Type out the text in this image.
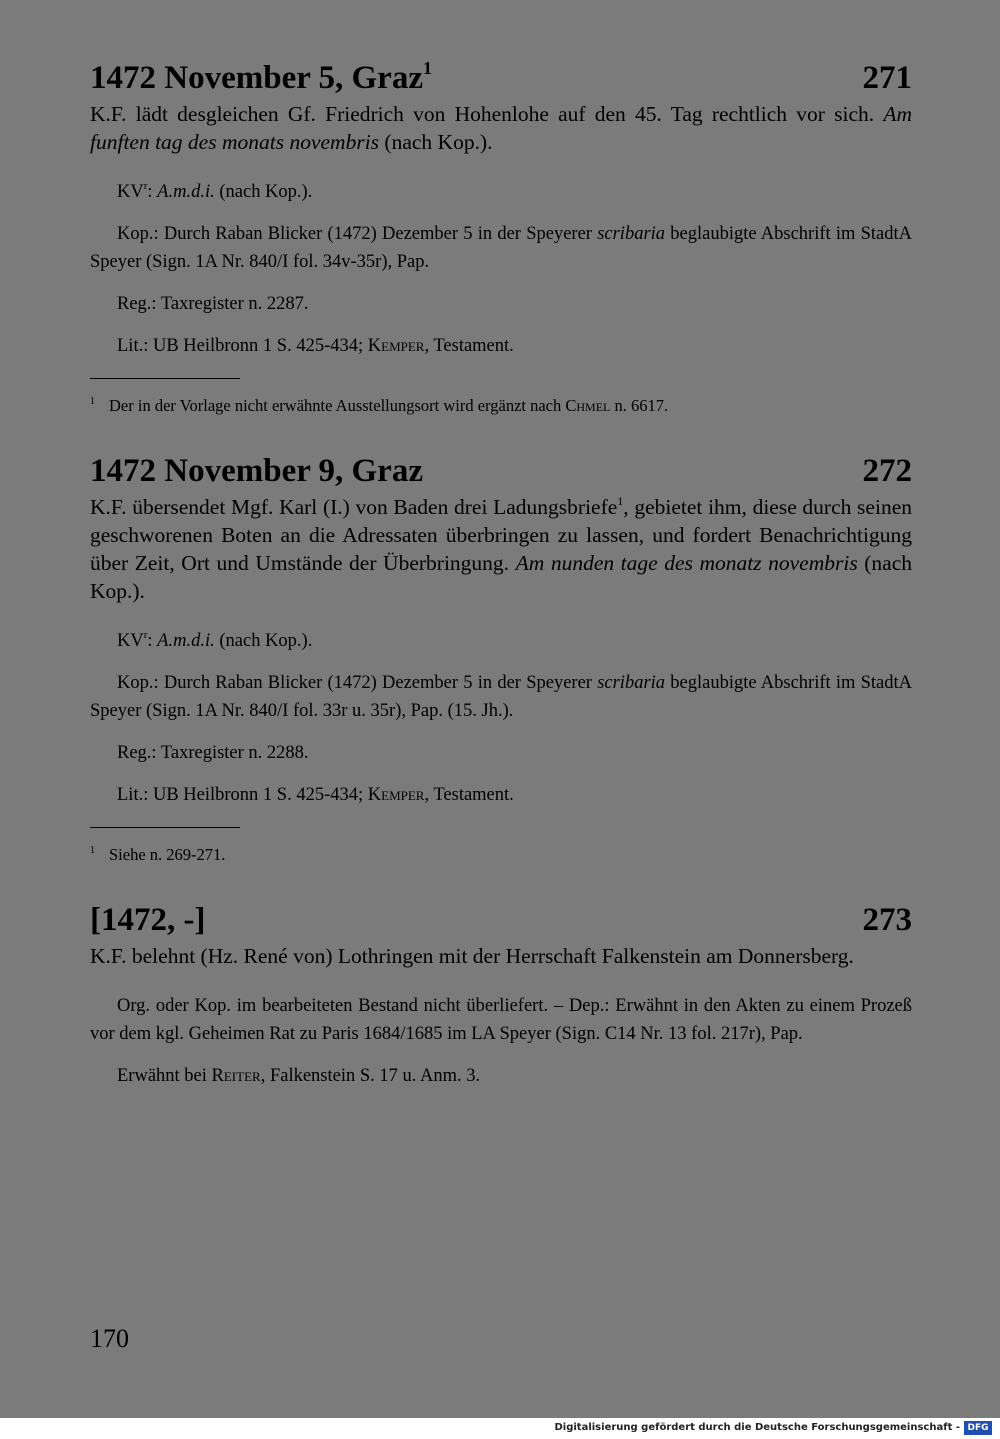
1472 November 5, Graz$^1$	271
K.F. lädt desgleichen Gf. Friedrich von Hohenlohe auf den 45. Tag rechtlich vor sich. Am funften tag des monats novembris (nach Kop.).

$KV^r$: A.m.d.i. (nach Kop.).

Kop.: Durch Raban Blicker (1472) Dezember 5 in der Speyerer scribaria beglaubigte Abschrift im StadtA Speyer (Sign. 1A Nr. 840/I fol. 34v-35r), Pap.

Reg.: Taxregister n. 2287.

Lit.: UB Heilbronn 1 S. 425-434; Kemper, Testament.

$^1$ Der in der Vorlage nicht erwähnte Ausstellungsort wird ergänzt nach Chmel n. 6617.
1472 November 9, Graz	272
K.F. übersendet Mgf. Karl (I.) von Baden drei Ladungsbriefe$^1$, gebietet ihm, diese durch seinen geschworenen Boten an die Adressaten überbringen zu lassen, und fordert Benachrichtigung über Zeit, Ort und Umstände der Überbringung. Am nunden tage des monatz novembris (nach Kop.).

$KV^r$: A.m.d.i. (nach Kop.).

Kop.: Durch Raban Blicker (1472) Dezember 5 in der Speyerer scribaria beglaubigte Abschrift im StadtA Speyer (Sign. 1A Nr. 840/I fol. 33r u. 35r), Pap. (15. Jh.).

Reg.: Taxregister n. 2288.

Lit.: UB Heilbronn 1 S. 425-434; Kemper, Testament.

$^1$ Siehe n. 269-271.
[1472, -]	273
K.F. belehnt (Hz. René von) Lothringen mit der Herrschaft Falkenstein am Donnersberg.

Org. oder Kop. im bearbeiteten Bestand nicht überliefert. – Dep.: Erwähnt in den Akten zu einem Prozeß vor dem kgl. Geheimen Rat zu Paris 1684/1685 im LA Speyer (Sign. C14 Nr. 13 fol. 217r), Pap.

Erwähnt bei Reiter, Falkenstein S. 17 u. Anm. 3.

170
Digitalisierung gefördert durch die Deutsche Forschungsgemeinschaft - DFG
